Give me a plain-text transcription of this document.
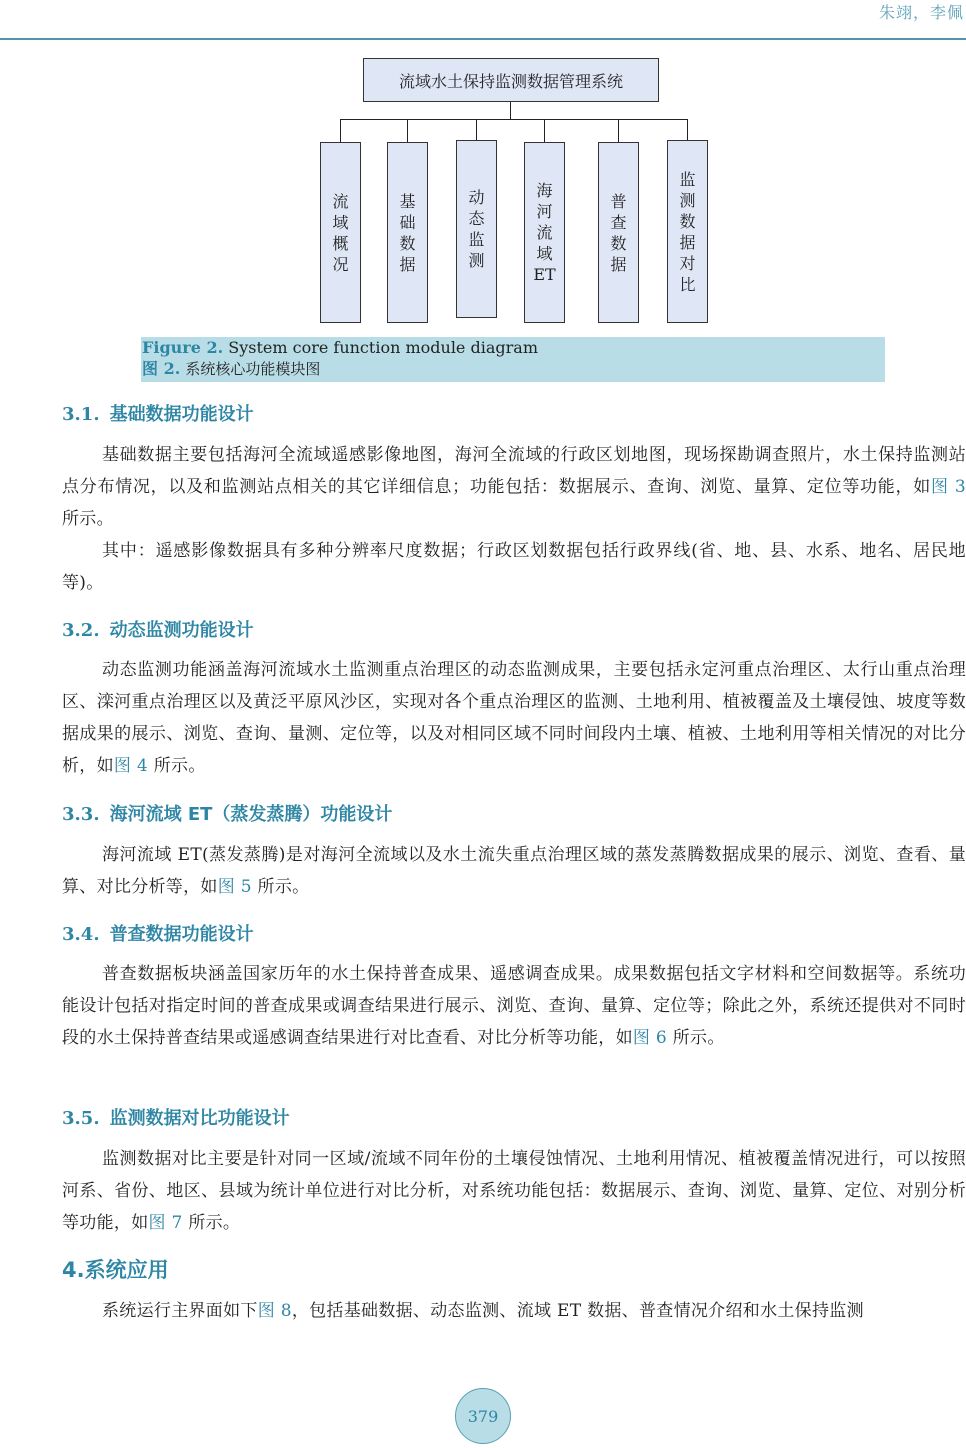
朱翊，李佩
流域水土保持监测数据管理系统
流域概况
基础数据
动态监测
海河流域ET
普查数据
监测数据对比
Figure 2. System core function module diagram
图 2. 系统核心功能模块图
3.1. 基础数据功能设计
基础数据主要包括海河全流域遥感影像地图，海河全流域的行政区划地图，现场探勘调查照片，水土保持监测站点分布情况，以及和监测站点相关的其它详细信息；功能包括：数据展示、查询、浏览、量算、定位等功能，如图 3 所示。
其中：遥感影像数据具有多种分辨率尺度数据；行政区划数据包括行政界线(省、地、县、水系、地名、居民地等)。
3.2. 动态监测功能设计
动态监测功能涵盖海河流域水土监测重点治理区的动态监测成果，主要包括永定河重点治理区、太行山重点治理区、滦河重点治理区以及黄泛平原风沙区，实现对各个重点治理区的监测、土地利用、植被覆盖及土壤侵蚀、坡度等数据成果的展示、浏览、查询、量测、定位等，以及对相同区域不同时间段内土壤、植被、土地利用等相关情况的对比分析，如图 4 所示。
3.3. 海河流域 ET（蒸发蒸腾）功能设计
海河流域 ET(蒸发蒸腾)是对海河全流域以及水土流失重点治理区域的蒸发蒸腾数据成果的展示、浏览、查看、量算、对比分析等，如图 5 所示。
3.4. 普查数据功能设计
普查数据板块涵盖国家历年的水土保持普查成果、遥感调查成果。成果数据包括文字材料和空间数据等。系统功能设计包括对指定时间的普查成果或调查结果进行展示、浏览、查询、量算、定位等；除此之外，系统还提供对不同时段的水土保持普查结果或遥感调查结果进行对比查看、对比分析等功能，如图 6 所示。
3.5. 监测数据对比功能设计
监测数据对比主要是针对同一区域/流域不同年份的土壤侵蚀情况、土地利用情况、植被覆盖情况进行，可以按照河系、省份、地区、县域为统计单位进行对比分析，对系统功能包括：数据展示、查询、浏览、量算、定位、对别分析等功能，如图 7 所示。
4.系统应用
系统运行主界面如下图 8，包括基础数据、动态监测、流域 ET 数据、普查情况介绍和水土保持监测
379
